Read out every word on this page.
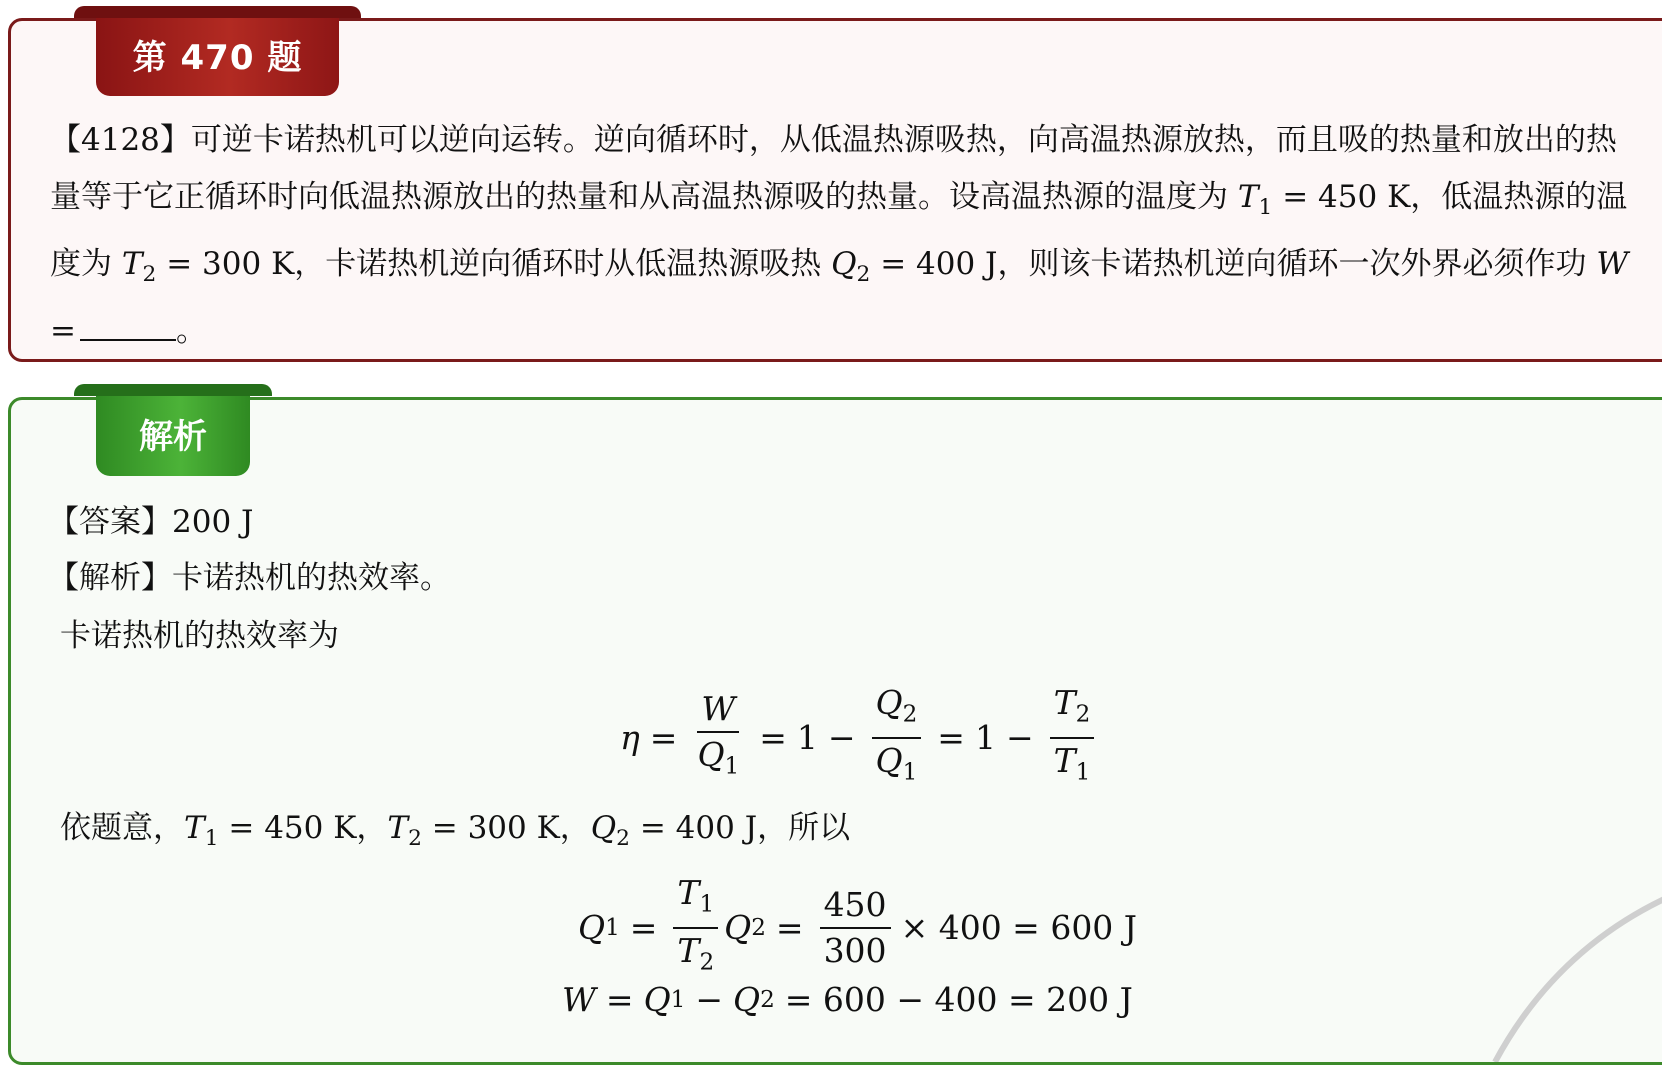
第 470 题
【4128】可逆卡诺热机可以逆向运转。逆向循环时，从低温热源吸热，向高温热源放热，而且吸的热量和放出的热量等于它正循环时向低温热源放出的热量和从高温热源吸的热量。设高温热源的温度为 $T_1 = 450$ K，低温热源的温度为 $T_2 = 300$ K，卡诺热机逆向循环时从低温热源吸热 $Q_2 = 400$ J，则该卡诺热机逆向循环一次外界必须作功 W =	。
解析
【答案】200 J
【解析】卡诺热机的热效率。
卡诺热机的热效率为
$\eta = \frac{W}{Q_1} = 1 - \frac{Q_2}{Q_1} = 1 - \frac{T_2}{T_1}$
依题意，$T_1 = 450$ K，$T_2 = 300$ K，$Q_2 = 400$ J，所以
Q $1 = \frac{T_1}{T_2}$ Q $2 = \frac{450}{300} \times 400 = 600$ J
W = Q 1 − Q 2 = 600 − 400 = 200 J
